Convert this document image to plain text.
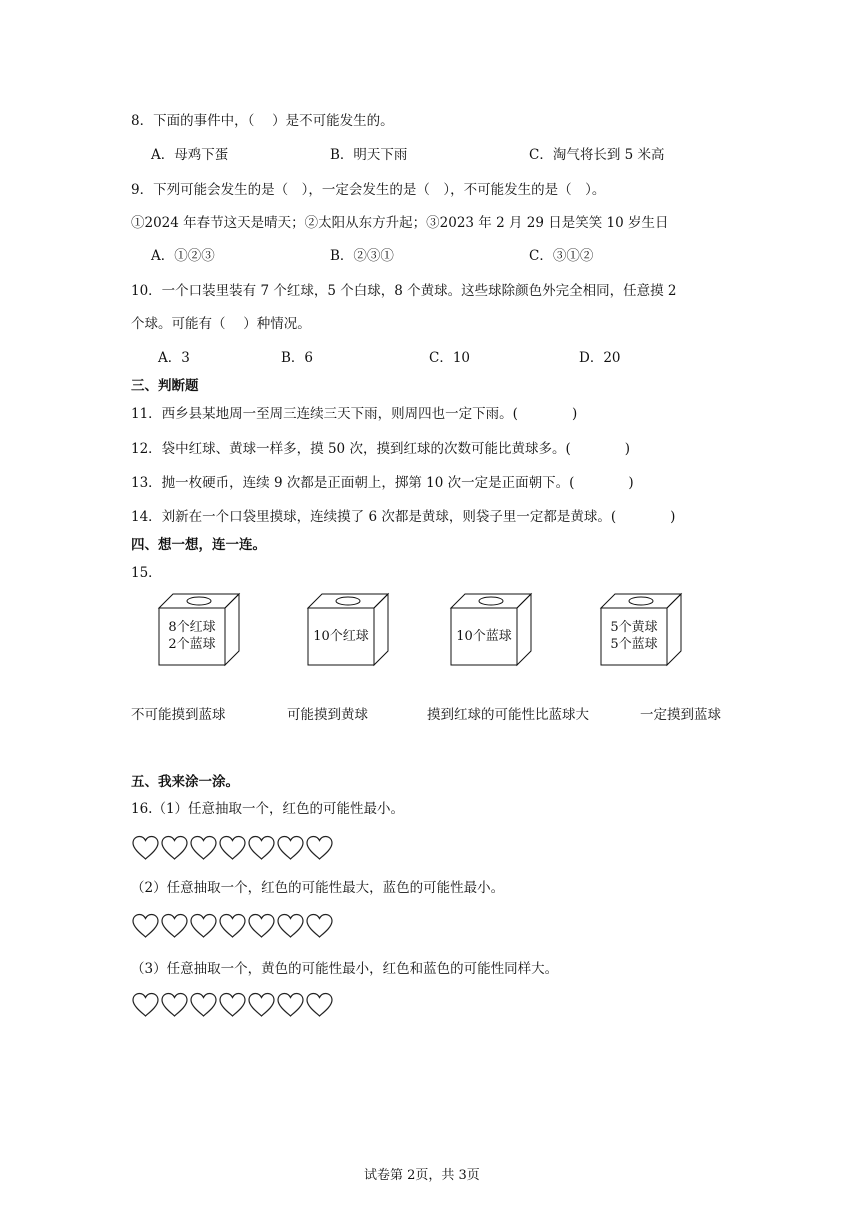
8．下面的事件中，（　 ）是不可能发生的。
A．母鸡下蛋	B．明天下雨	C．淘气将长到 5 米高
9．下列可能会发生的是（　），一定会发生的是（　），不可能发生的是（　）。
①2024 年春节这天是晴天；②太阳从东方升起；③2023 年 2 月 29 日是笑笑 10 岁生日
A．①②③	B．②③①	C．③①②
10．一个口装里装有 7 个红球，5 个白球，8 个黄球。这些球除颜色外完全相同，任意摸 2
个球。可能有（　 ）种情况。
A．3	B．6	C．10	D．20
三、判断题
11．西乡县某地周一至周三连续三天下雨，则周四也一定下雨。(　　　　)
12．袋中红球、黄球一样多，摸 50 次，摸到红球的次数可能比黄球多。(　　　　)
13．抛一枚硬币，连续 9 次都是正面朝上，掷第 10 次一定是正面朝下。(　　　　)
14．刘新在一个口袋里摸球，连续摸了 6 次都是黄球，则袋子里一定都是黄球。(　　　　)
四、想一想，连一连。
15．
8个红球
2个蓝球
10个红球	10个蓝球
5个黄球
5个蓝球
不可能摸到蓝球	可能摸到黄球	摸到红球的可能性比蓝球大	一定摸到蓝球
五、我来涂一涂。
16.（1）任意抽取一个，红色的可能性最小。
（2）任意抽取一个，红色的可能性最大，蓝色的可能性最小。
（3）任意抽取一个，黄色的可能性最小，红色和蓝色的可能性同样大。
试卷第 2页，共 3页
